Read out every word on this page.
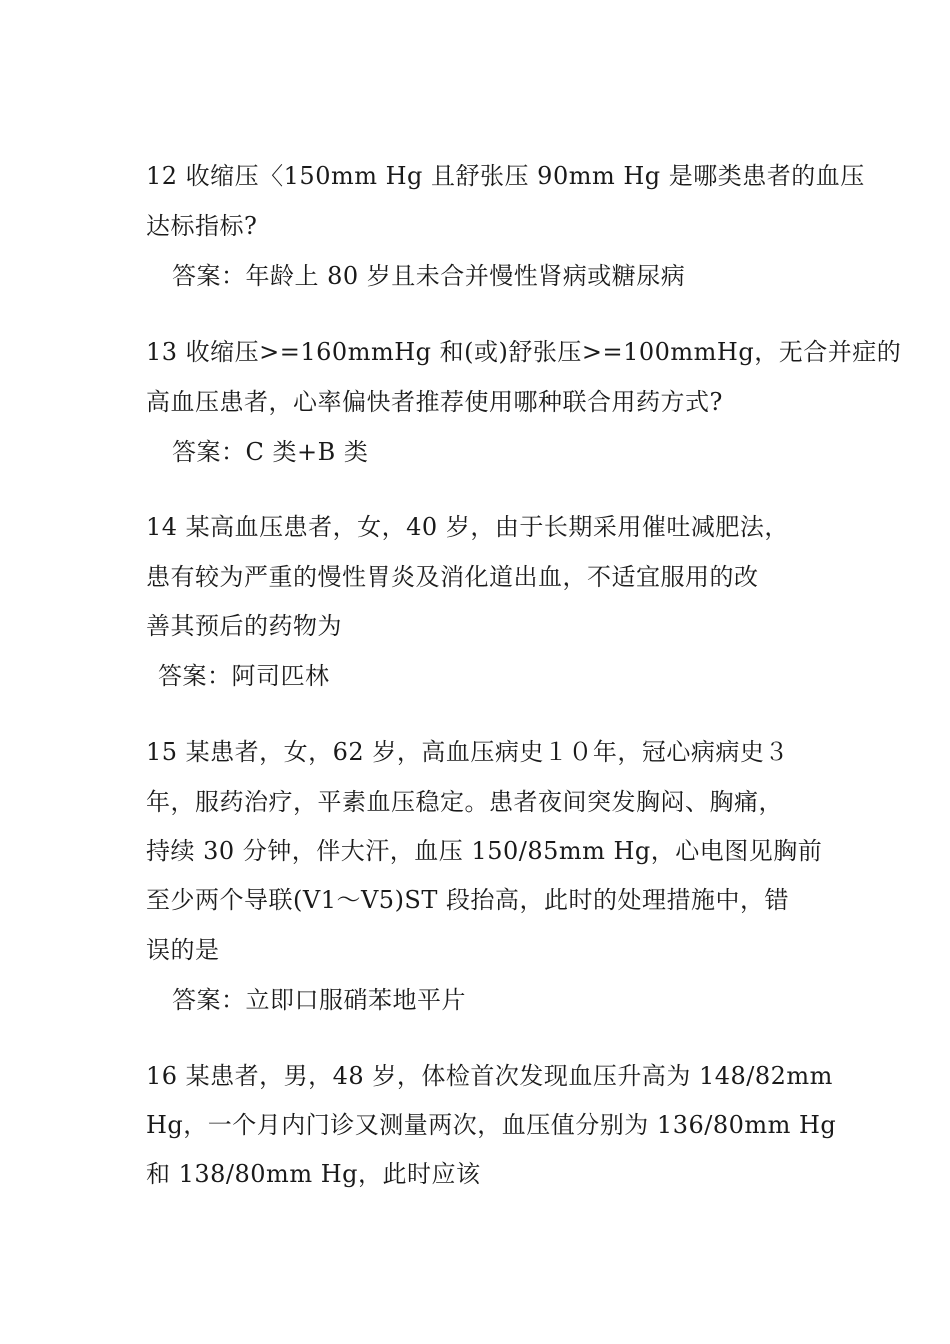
12 收缩压〈150mm Hg 且舒张压 90mm Hg 是哪类患者的血压
达标指标?
答案：年龄上 80 岁且未合并慢性肾病或糖尿病
13 收缩压>=160mmHg 和(或)舒张压>=100mmHg，无合并症的
高血压患者，心率偏快者推荐使用哪种联合用药方式?
答案：C 类+B 类
14 某高血压患者，女，40 岁，由于长期采用催吐减肥法，
患有较为严重的慢性胃炎及消化道出血，不适宜服用的改
善其预后的药物为
答案：阿司匹林
15 某患者，女，62 岁，高血压病史１０年，冠心病病史３
年，服药治疗，平素血压稳定。患者夜间突发胸闷、胸痛，
持续 30 分钟，伴大汗，血压 150/85mm Hg，心电图见胸前
至少两个导联(V1～V5)ST 段抬高，此时的处理措施中，错
误的是
答案：立即口服硝苯地平片
16 某患者，男，48 岁，体检首次发现血压升高为 148/82mm
Hg，一个月内门诊又测量两次，血压值分别为 136/80mm Hg
和 138/80mm Hg，此时应该
